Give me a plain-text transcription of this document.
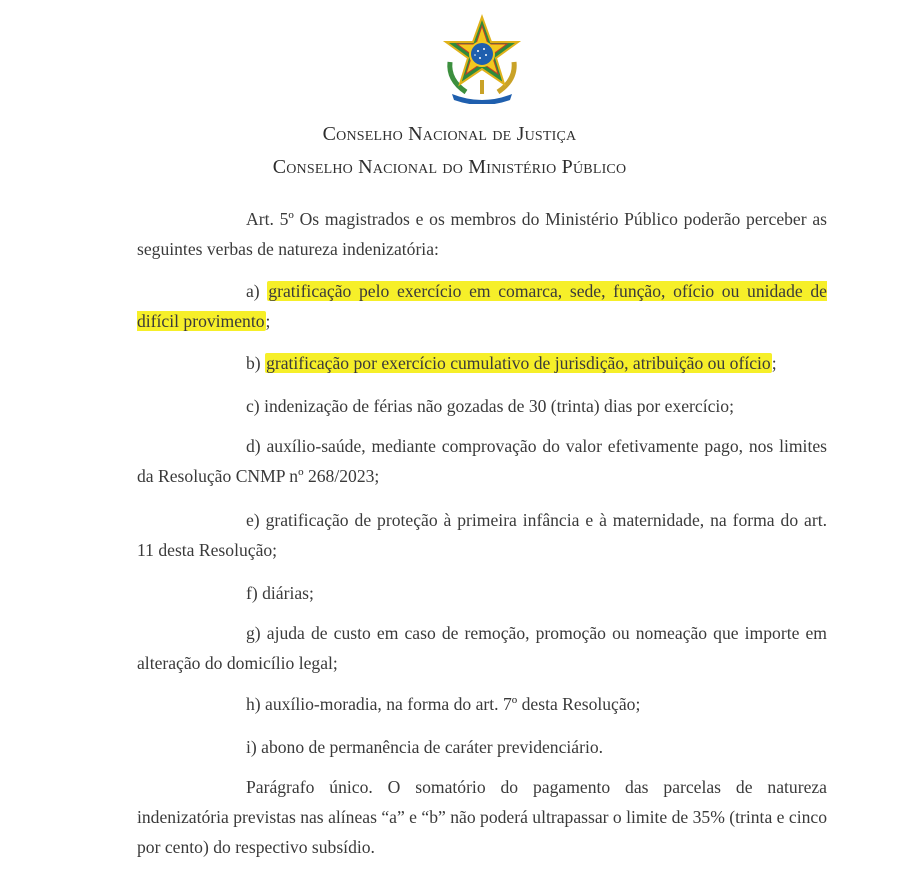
Conselho Nacional de Justiça
Conselho Nacional do Ministério Público

Art. 5º Os magistrados e os membros do Ministério Público poderão perceber as seguintes verbas de natureza indenizatória:

a) gratificação pelo exercício em comarca, sede, função, ofício ou unidade de difícil provimento;

b) gratificação por exercício cumulativo de jurisdição, atribuição ou ofício;

c) indenização de férias não gozadas de 30 (trinta) dias por exercício;

d) auxílio-saúde, mediante comprovação do valor efetivamente pago, nos limites da Resolução CNMP nº 268/2023;

e) gratificação de proteção à primeira infância e à maternidade, na forma do art. 11 desta Resolução;

f) diárias;

g) ajuda de custo em caso de remoção, promoção ou nomeação que importe em alteração do domicílio legal;

h) auxílio-moradia, na forma do art. 7º desta Resolução;

i) abono de permanência de caráter previdenciário.

Parágrafo único. O somatório do pagamento das parcelas de natureza indenizatória previstas nas alíneas “a” e “b” não poderá ultrapassar o limite de 35% (trinta e cinco por cento) do respectivo subsídio.
